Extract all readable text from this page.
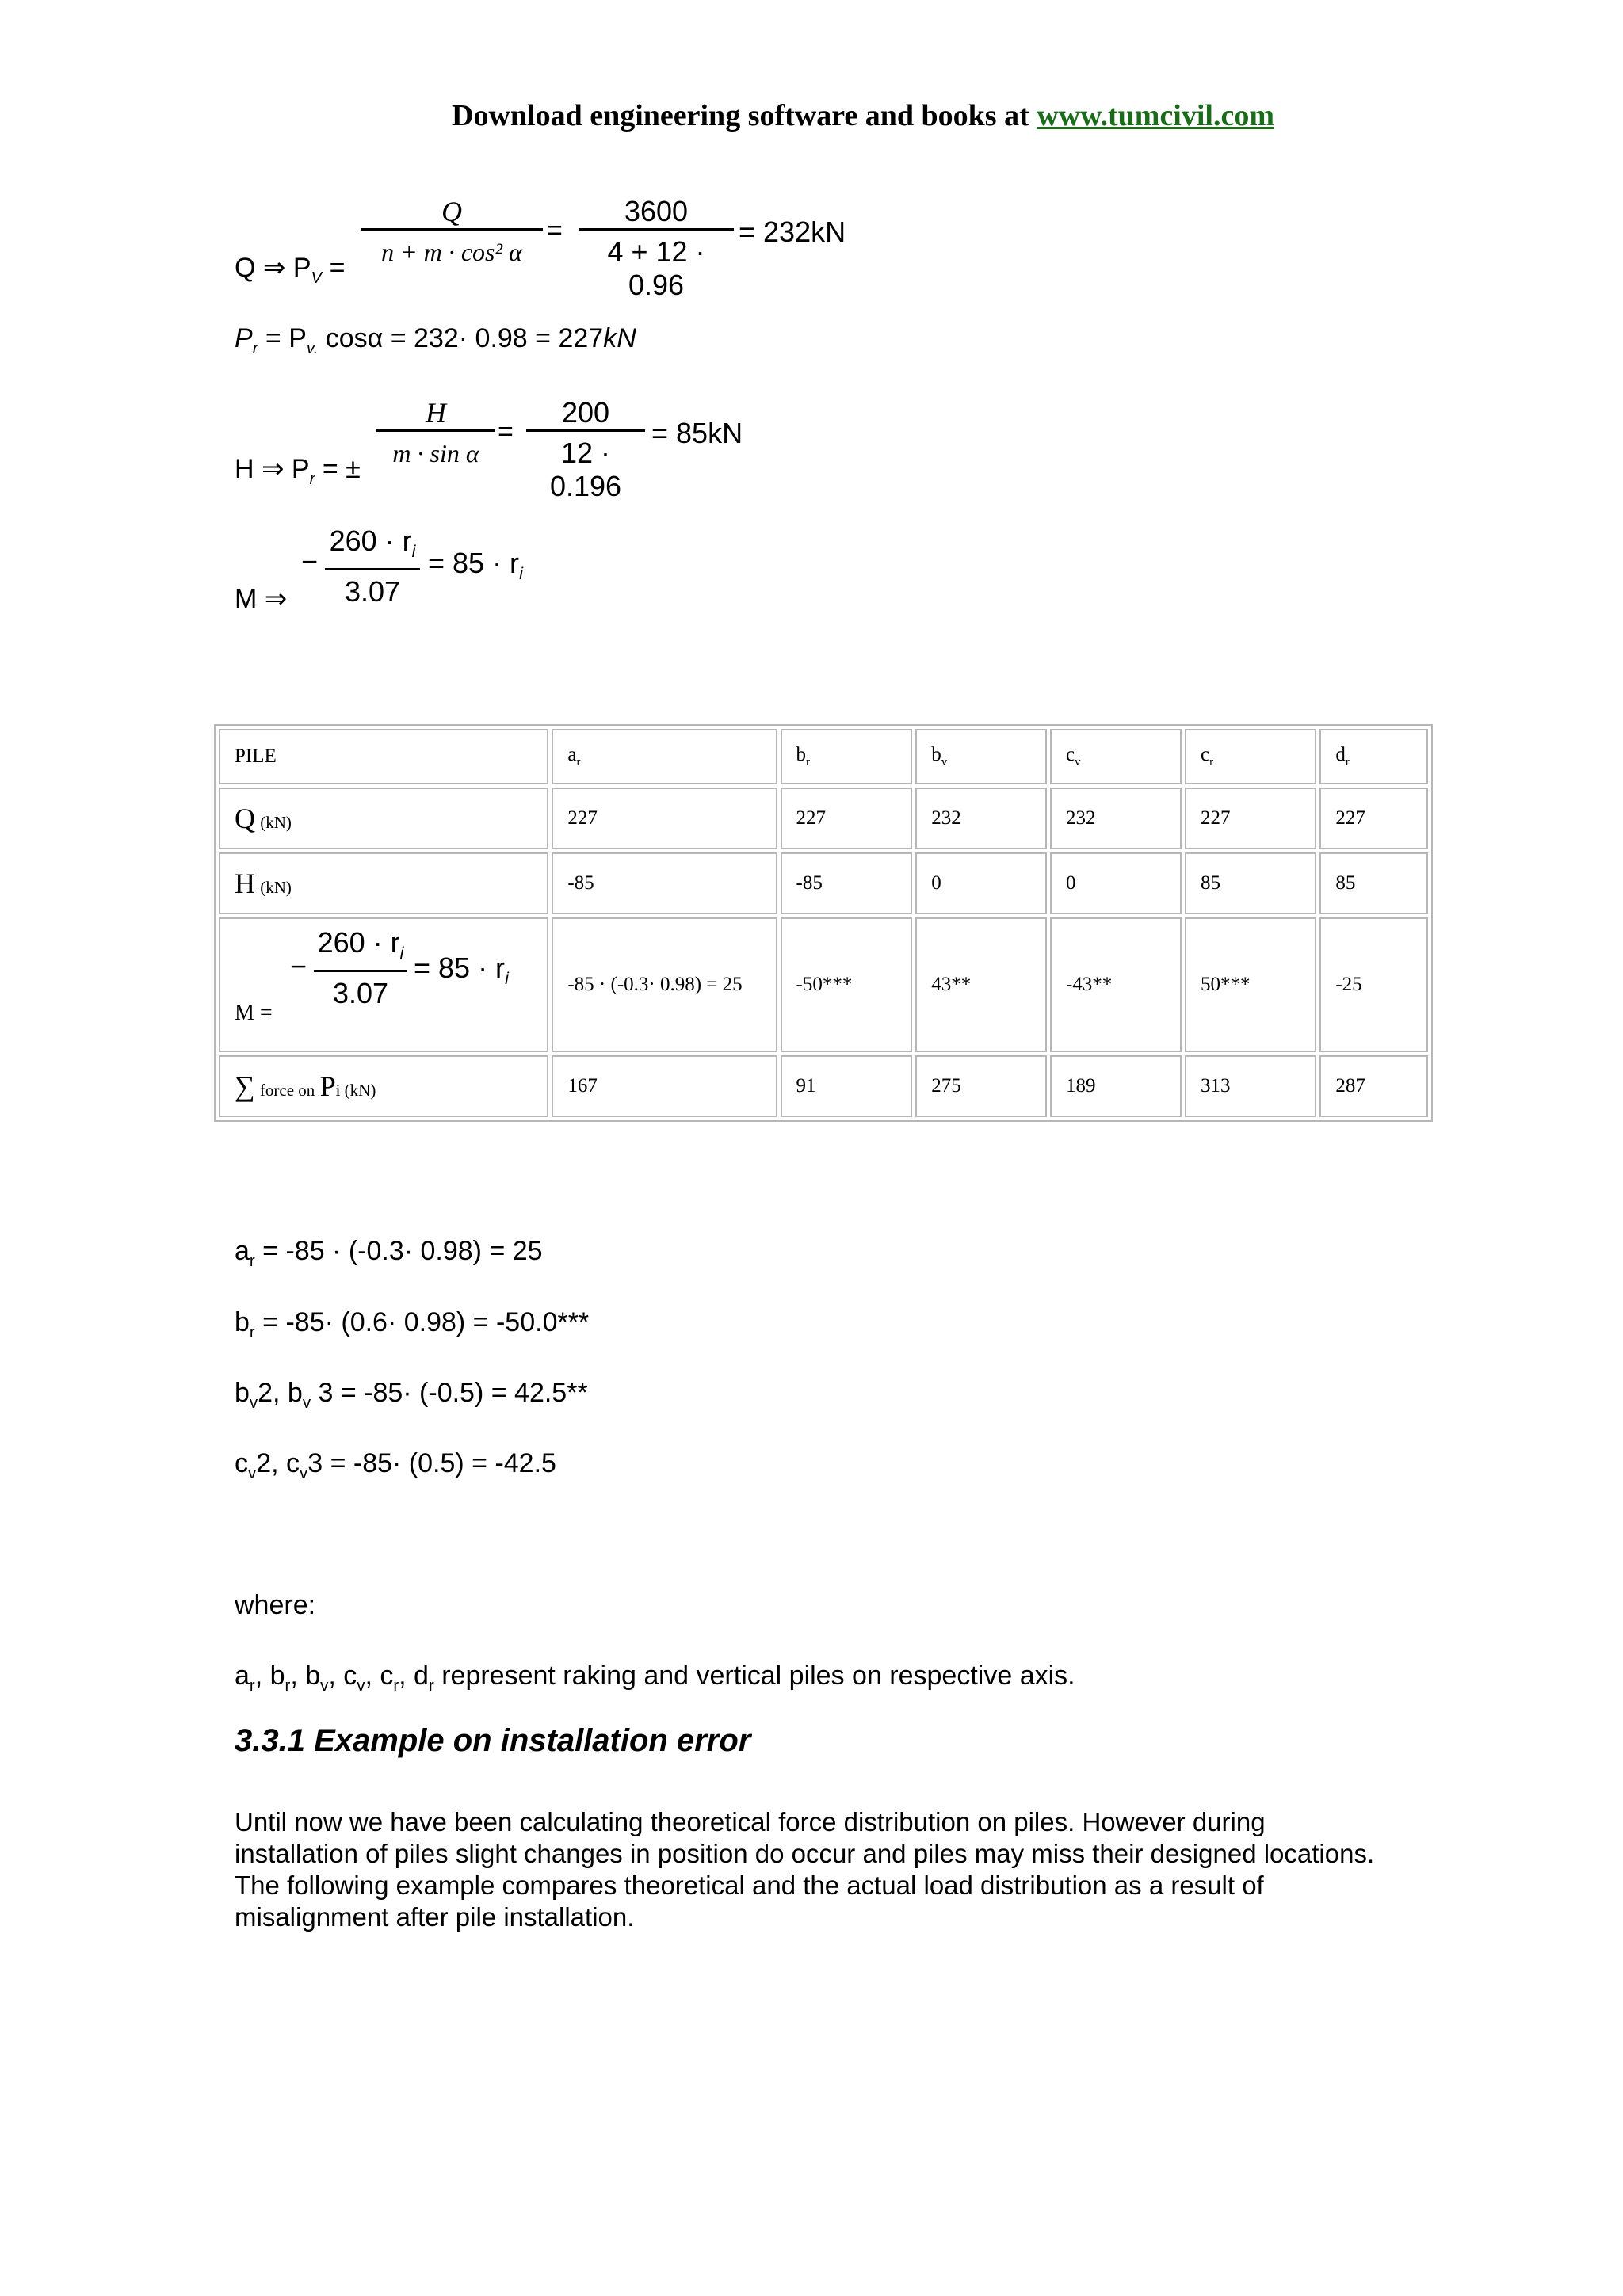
Download engineering software and books at www.tumcivil.com
Q ⇒ $P_V = \frac{Q}{\text{n + m · cos² α}} = \frac{3600}{4 + 12 \cdot 0.96} = 232kN$
$P_r = P_{v.}$ cosα = 232· 0.98 = 227kN
H ⇒ $P_r$ = ± $\frac{H}{\text{m · sin α}} = \frac{200}{12 \cdot 0.196} = 85kN$
M ⇒
− $\frac{260 \cdot r_i}{3.07} = 85 \cdot r_i$
PILE	$a_r$	$b_r$	$b_v$	$c_v$	$c_r$	$d_r$
Q (kN)	227	227	232	232	227	227
H (kN)	-85	-85	0	0	85	85

M =
− $\frac{260 \cdot r_i}{3.07} = 85 \cdot r_i$	-85 · (-0.3· 0.98) = 25	-50***	43**	-43**	50***	-25
∑ force on Pi (kN)	167	91	275	189	313	287
$a_r = -85 \cdot (-0.3\cdot 0.98) = 25$
$b_r = -85\cdot (0.6\cdot 0.98) = -50.0***$
$b_v2$, $b_v$ 3 = -85· (-0.5) = 42.5**
$c_v2$, $c_v3 = -85\cdot (0.5) = -42.5$
where:
$a_r$, $b_r$, $b_v$, $c_v$, $c_r$, $d_r$ represent raking and vertical piles on respective axis.
3.3.1 Example on installation error
Until now we have been calculating theoretical force distribution on piles. However during installation of piles slight changes in position do occur and piles may miss their designed locations. The following example compares theoretical and the actual load distribution as a result of misalignment after pile installation.
